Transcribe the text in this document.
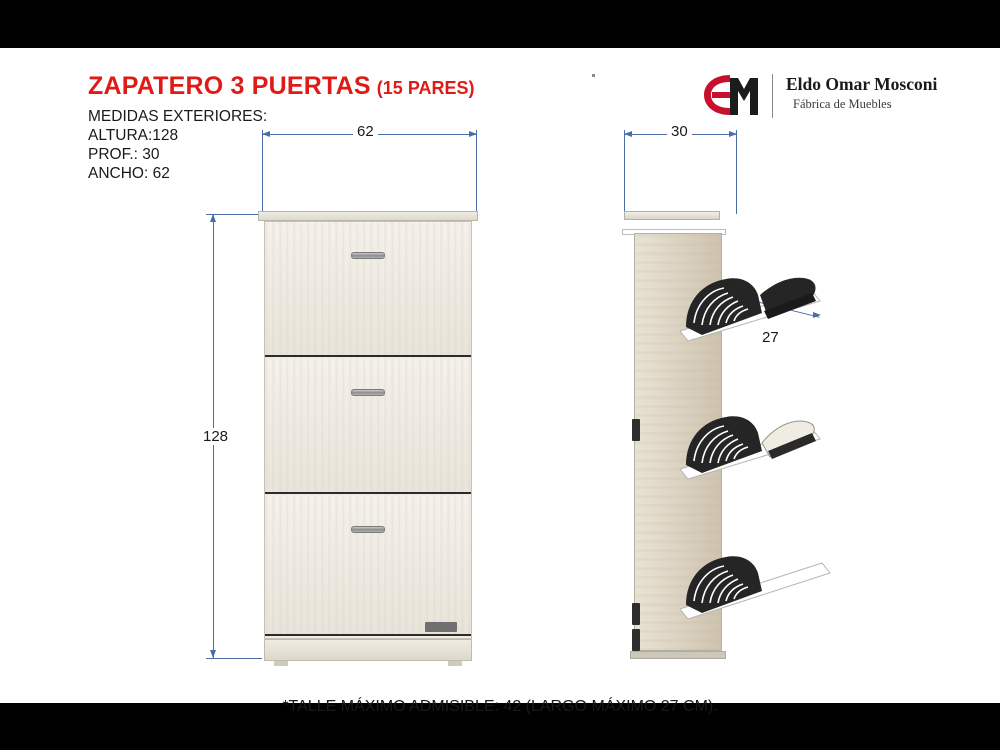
ZAPATERO 3 PUERTAS (15 PARES)
MEDIDAS EXTERIORES:
ALTURA:128
PROF.: 30
ANCHO: 62
Eldo Omar Mosconi
Fábrica de Muebles
62
128
30
27
*TALLE MÁXIMO ADMISIBLE: 42 (LARGO MÁXIMO 27 CM).
